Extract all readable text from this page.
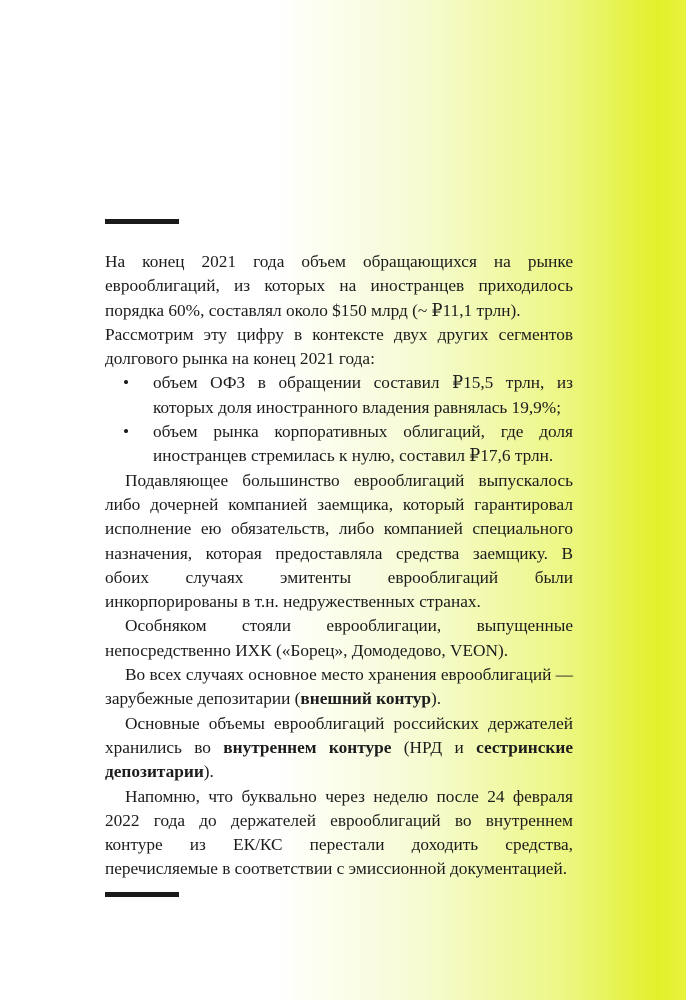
На конец 2021 года объем обращающихся на рынке еврооблигаций, из которых на иностранцев приходилось порядка 60%, составлял около $150 млрд (~ ₽11,1 трлн).

Рассмотрим эту цифру в контексте двух других сегментов долгового рынка на конец 2021 года:

• объем ОФЗ в обращении составил ₽15,5 трлн, из которых доля иностранного владения равнялась 19,9%;
• объем рынка корпоративных облигаций, где доля иностранцев стремилась к нулю, составил ₽17,6 трлн.

Подавляющее большинство еврооблигаций выпускалось либо дочерней компанией заемщика, который гарантировал исполнение ею обязательств, либо компанией специального назначения, которая предоставляла средства заемщику. В обоих случаях эмитенты еврооблигаций были инкорпорированы в т.н. недружественных странах.

Особняком стояли еврооблигации, выпущенные непосредственно ИХК («Борец», Домодедово, VEON).

Во всех случаях основное место хранения еврооблигаций — зарубежные депозитарии (внешний контур).

Основные объемы еврооблигаций российских держателей хранились во внутреннем контуре (НРД и сестринские депозитарии).

Напомню, что буквально через неделю после 24 февраля 2022 года до держателей еврооблигаций во внутреннем контуре из ЕК/КС перестали доходить средства, перечисляемые в соответствии с эмиссионной документацией.
